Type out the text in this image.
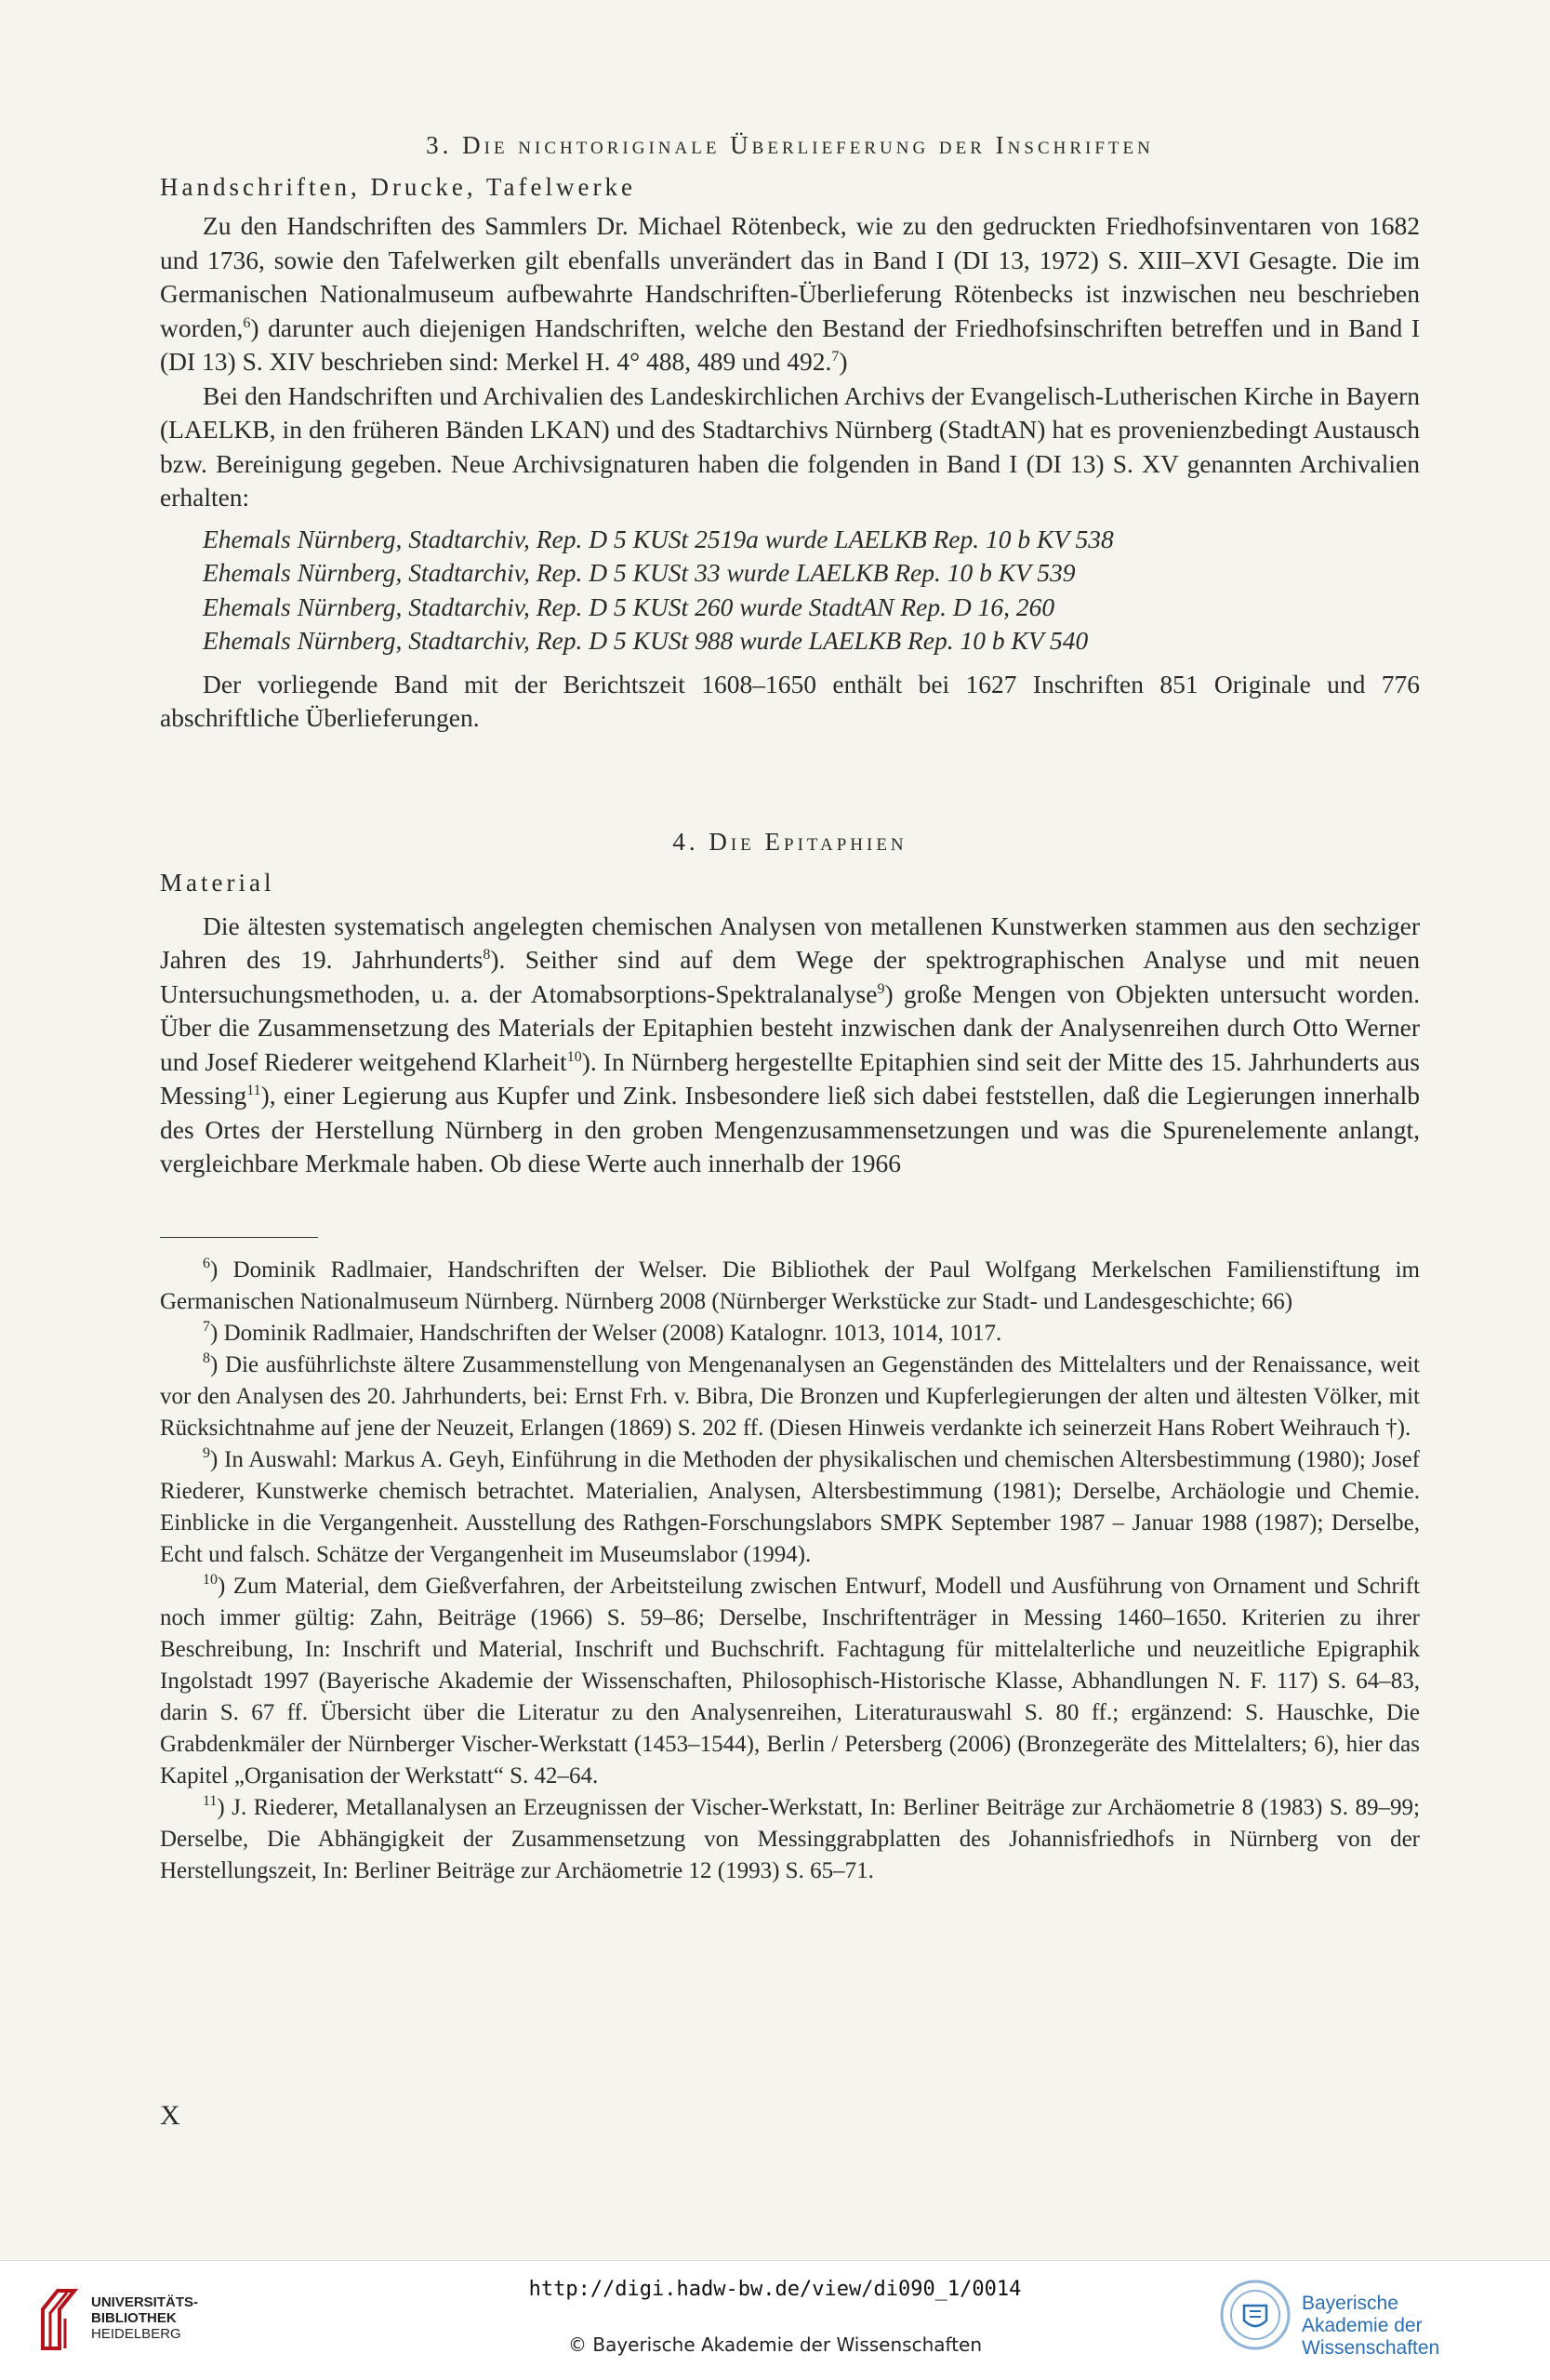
3. Die nichtoriginale Überlieferung der Inschriften
Handschriften, Drucke, Tafelwerke

Zu den Handschriften des Sammlers Dr. Michael Rötenbeck, wie zu den gedruckten Friedhofsinventaren von 1682 und 1736, sowie den Tafelwerken gilt ebenfalls unverändert das in Band I (DI 13, 1972) S. XIII–XVI Gesagte. Die im Germanischen Nationalmuseum aufbewahrte Handschriften-Überlieferung Rötenbecks ist inzwischen neu beschrieben worden,$^6$) darunter auch diejenigen Handschriften, welche den Bestand der Friedhofsinschriften betreffen und in Band I (DI 13) S. XIV beschrieben sind: Merkel H. 4° 488, 489 und 492.$^7$)

Bei den Handschriften und Archivalien des Landeskirchlichen Archivs der Evangelisch-Lutherischen Kirche in Bayern (LAELKB, in den früheren Bänden LKAN) und des Stadtarchivs Nürnberg (StadtAN) hat es provenienzbedingt Austausch bzw. Bereinigung gegeben. Neue Archivsignaturen haben die folgenden in Band I (DI 13) S. XV genannten Archivalien erhalten:

Ehemals Nürnberg, Stadtarchiv, Rep. D 5 KUSt 2519a wurde LAELKB Rep. 10 b KV 538
Ehemals Nürnberg, Stadtarchiv, Rep. D 5 KUSt 33 wurde LAELKB Rep. 10 b KV 539
Ehemals Nürnberg, Stadtarchiv, Rep. D 5 KUSt 260 wurde StadtAN Rep. D 16, 260
Ehemals Nürnberg, Stadtarchiv, Rep. D 5 KUSt 988 wurde LAELKB Rep. 10 b KV 540

Der vorliegende Band mit der Berichtszeit 1608–1650 enthält bei 1627 Inschriften 851 Originale und 776 abschriftliche Überlieferungen.

4. Die Epitaphien
Material

Die ältesten systematisch angelegten chemischen Analysen von metallenen Kunstwerken stammen aus den sechziger Jahren des 19. Jahrhunderts$^8$). Seither sind auf dem Wege der spektrographischen Analyse und mit neuen Untersuchungsmethoden, u. a. der Atomabsorptions-Spektralanalyse$^9$) große Mengen von Objekten untersucht worden. Über die Zusammensetzung des Materials der Epitaphien besteht inzwischen dank der Analysenreihen durch Otto Werner und Josef Riederer weitgehend Klarheit$^{10}$). In Nürnberg hergestellte Epitaphien sind seit der Mitte des 15. Jahrhunderts aus Messing$^{11}$), einer Legierung aus Kupfer und Zink. Insbesondere ließ sich dabei feststellen, daß die Legierungen innerhalb des Ortes der Herstellung Nürnberg in den groben Mengenzusammensetzungen und was die Spurenelemente anlangt, vergleichbare Merkmale haben. Ob diese Werte auch innerhalb der 1966

$^6$) Dominik Radlmaier, Handschriften der Welser. Die Bibliothek der Paul Wolfgang Merkelschen Familienstiftung im Germanischen Nationalmuseum Nürnberg. Nürnberg 2008 (Nürnberger Werkstücke zur Stadt- und Landesgeschichte; 66)

$^7$) Dominik Radlmaier, Handschriften der Welser (2008) Katalognr. 1013, 1014, 1017.

$^8$) Die ausführlichste ältere Zusammenstellung von Mengenanalysen an Gegenständen des Mittelalters und der Renaissance, weit vor den Analysen des 20. Jahrhunderts, bei: Ernst Frh. v. Bibra, Die Bronzen und Kupferlegierungen der alten und ältesten Völker, mit Rücksichtnahme auf jene der Neuzeit, Erlangen (1869) S. 202 ff. (Diesen Hinweis verdankte ich seinerzeit Hans Robert Weihrauch †).

$^9$) In Auswahl: Markus A. Geyh, Einführung in die Methoden der physikalischen und chemischen Altersbestimmung (1980); Josef Riederer, Kunstwerke chemisch betrachtet. Materialien, Analysen, Altersbestimmung (1981); Derselbe, Archäologie und Chemie. Einblicke in die Vergangenheit. Ausstellung des Rathgen-Forschungslabors SMPK September 1987 – Januar 1988 (1987); Derselbe, Echt und falsch. Schätze der Vergangenheit im Museumslabor (1994).

$^{10}$) Zum Material, dem Gießverfahren, der Arbeitsteilung zwischen Entwurf, Modell und Ausführung von Ornament und Schrift noch immer gültig: Zahn, Beiträge (1966) S. 59–86; Derselbe, Inschriftenträger in Messing 1460–1650. Kriterien zu ihrer Beschreibung, In: Inschrift und Material, Inschrift und Buchschrift. Fachtagung für mittelalterliche und neuzeitliche Epigraphik Ingolstadt 1997 (Bayerische Akademie der Wissenschaften, Philosophisch-Historische Klasse, Abhandlungen N. F. 117) S. 64–83, darin S. 67 ff. Übersicht über die Literatur zu den Analysenreihen, Literaturauswahl S. 80 ff.; ergänzend: S. Hauschke, Die Grabdenkmäler der Nürnberger Vischer-Werkstatt (1453–1544), Berlin / Petersberg (2006) (Bronzegeräte des Mittelalters; 6), hier das Kapitel „Organisation der Werkstatt“ S. 42–64.

$^{11}$) J. Riederer, Metallanalysen an Erzeugnissen der Vischer-Werkstatt, In: Berliner Beiträge zur Archäometrie 8 (1983) S. 89–99; Derselbe, Die Abhängigkeit der Zusammensetzung von Messinggrabplatten des Johannisfriedhofs in Nürnberg von der Herstellungszeit, In: Berliner Beiträge zur Archäometrie 12 (1993) S. 65–71.

X
UNIVERSITÄTS-
BIBLIOTHEK
HEIDELBERG
http://digi.hadw-bw.de/view/di090_1/0014
© Bayerische Akademie der Wissenschaften
Bayerische
Akademie der Wissenschaften
